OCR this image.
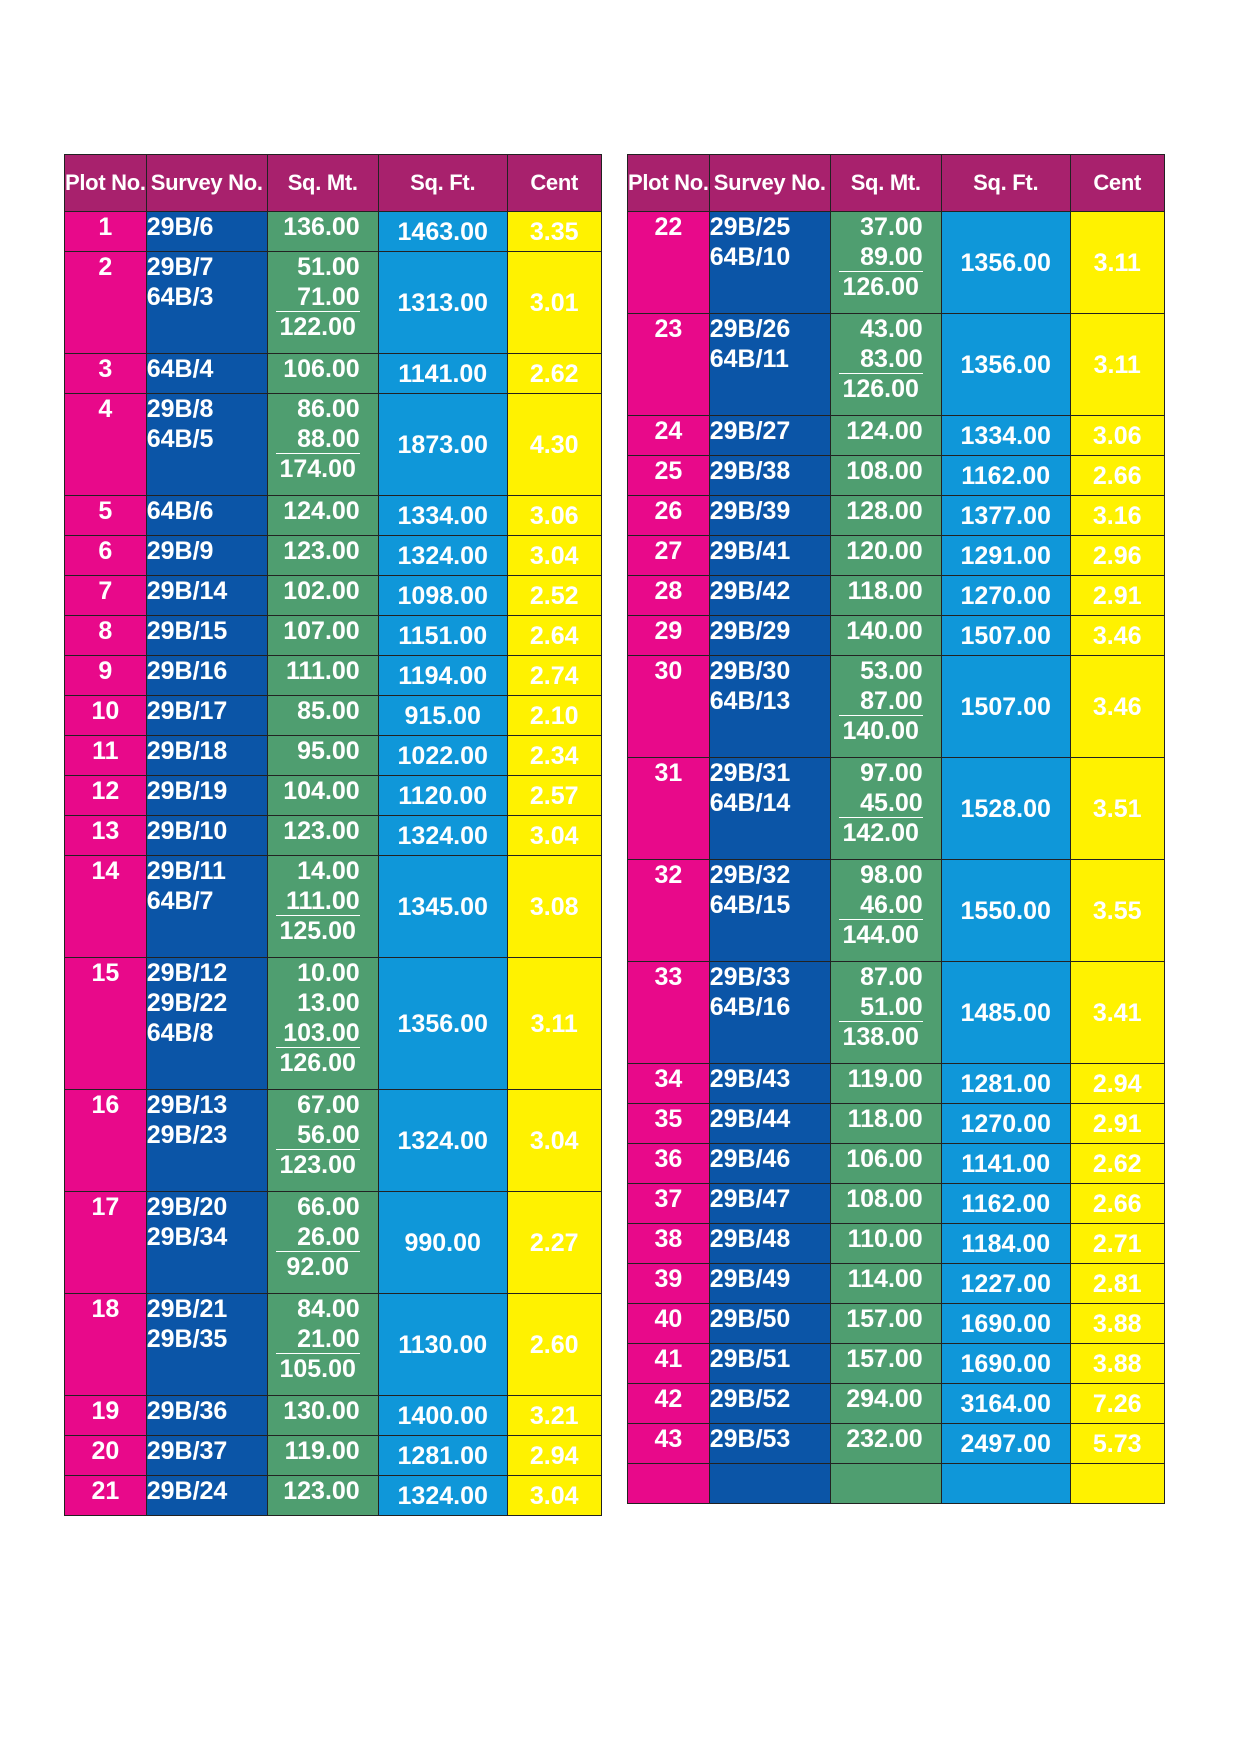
Plot No.	Survey No.	Sq. Mt.	Sq. Ft.	Cent
1	29B/6	136.00	1463.00	3.35
2	29B/7
64B/3	51.00
71.00
122.00	1313.00	3.01
3	64B/4	106.00	1141.00	2.62
4	29B/8
64B/5	86.00
88.00
174.00	1873.00	4.30
5	64B/6	124.00	1334.00	3.06
6	29B/9	123.00	1324.00	3.04
7	29B/14	102.00	1098.00	2.52
8	29B/15	107.00	1151.00	2.64
9	29B/16	111.00	1194.00	2.74
10	29B/17	85.00	915.00	2.10
11	29B/18	95.00	1022.00	2.34
12	29B/19	104.00	1120.00	2.57
13	29B/10	123.00	1324.00	3.04
14	29B/11
64B/7	14.00
111.00
125.00	1345.00	3.08
15	29B/12
29B/22
64B/8	10.00
13.00
103.00
126.00	1356.00	3.11
16	29B/13
29B/23	67.00
56.00
123.00	1324.00	3.04
17	29B/20
29B/34	66.00
26.00
92.00	990.00	2.27
18	29B/21
29B/35	84.00
21.00
105.00	1130.00	2.60
19	29B/36	130.00	1400.00	3.21
20	29B/37	119.00	1281.00	2.94
21	29B/24	123.00	1324.00	3.04
Plot No.	Survey No.	Sq. Mt.	Sq. Ft.	Cent
22	29B/25
64B/10	37.00
89.00
126.00	1356.00	3.11
23	29B/26
64B/11	43.00
83.00
126.00	1356.00	3.11
24	29B/27	124.00	1334.00	3.06
25	29B/38	108.00	1162.00	2.66
26	29B/39	128.00	1377.00	3.16
27	29B/41	120.00	1291.00	2.96
28	29B/42	118.00	1270.00	2.91
29	29B/29	140.00	1507.00	3.46
30	29B/30
64B/13	53.00
87.00
140.00	1507.00	3.46
31	29B/31
64B/14	97.00
45.00
142.00	1528.00	3.51
32	29B/32
64B/15	98.00
46.00
144.00	1550.00	3.55
33	29B/33
64B/16	87.00
51.00
138.00	1485.00	3.41
34	29B/43	119.00	1281.00	2.94
35	29B/44	118.00	1270.00	2.91
36	29B/46	106.00	1141.00	2.62
37	29B/47	108.00	1162.00	2.66
38	29B/48	110.00	1184.00	2.71
39	29B/49	114.00	1227.00	2.81
40	29B/50	157.00	1690.00	3.88
41	29B/51	157.00	1690.00	3.88
42	29B/52	294.00	3164.00	7.26
43	29B/53	232.00	2497.00	5.73
